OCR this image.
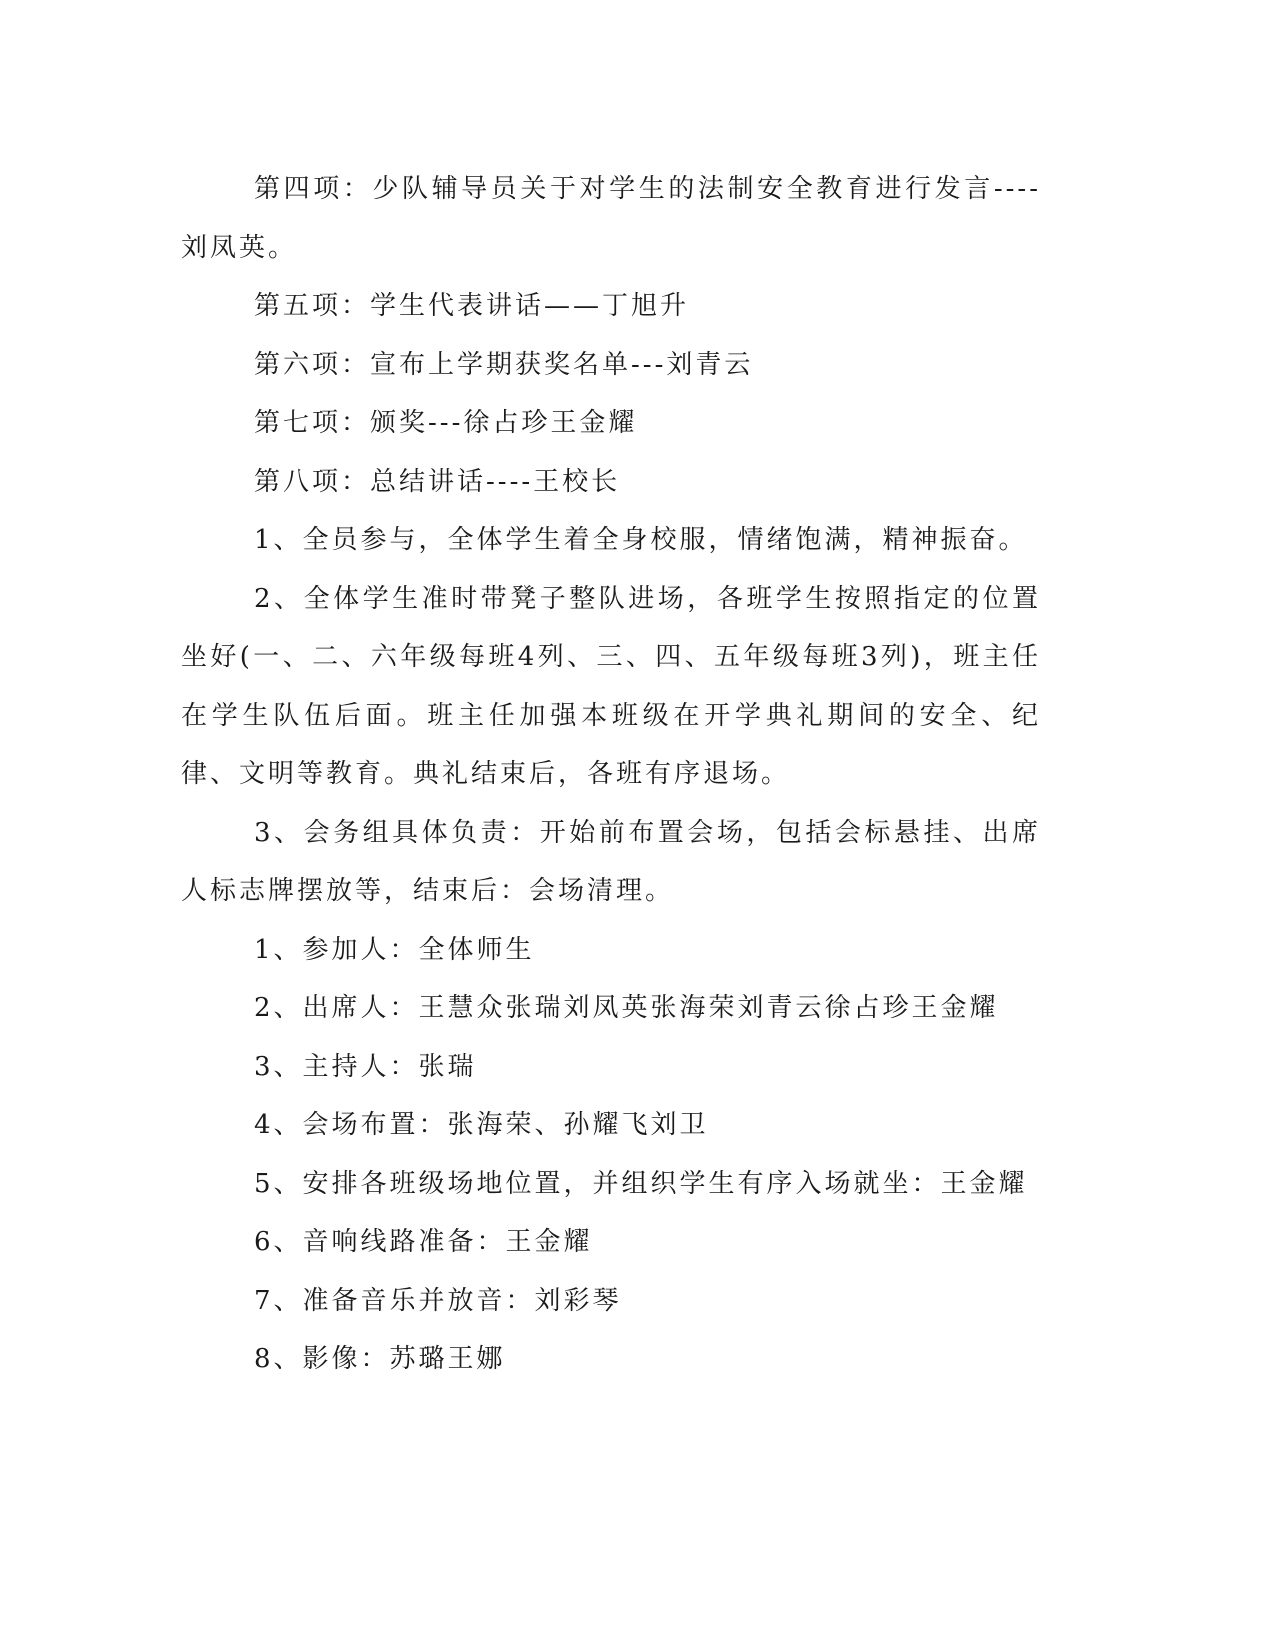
第四项：少队辅导员关于对学生的法制安全教育进行发言----刘凤英。

第五项：学生代表讲话——丁旭升

第六项：宣布上学期获奖名单---刘青云

第七项：颁奖---徐占珍王金耀

第八项：总结讲话----王校长

1、全员参与，全体学生着全身校服，情绪饱满，精神振奋。

2、全体学生准时带凳子整队进场，各班学生按照指定的位置坐好(一、二、六年级每班4列、三、四、五年级每班3列)，班主任在学生队伍后面。班主任加强本班级在开学典礼期间的安全、纪律、文明等教育。典礼结束后，各班有序退场。

3、会务组具体负责：开始前布置会场，包括会标悬挂、出席人标志牌摆放等，结束后：会场清理。

1、参加人：全体师生

2、出席人：王慧众张瑞刘凤英张海荣刘青云徐占珍王金耀

3、主持人：张瑞

4、会场布置：张海荣、孙耀飞刘卫

5、安排各班级场地位置，并组织学生有序入场就坐：王金耀

6、音响线路准备：王金耀

7、准备音乐并放音：刘彩琴

8、影像：苏璐王娜
